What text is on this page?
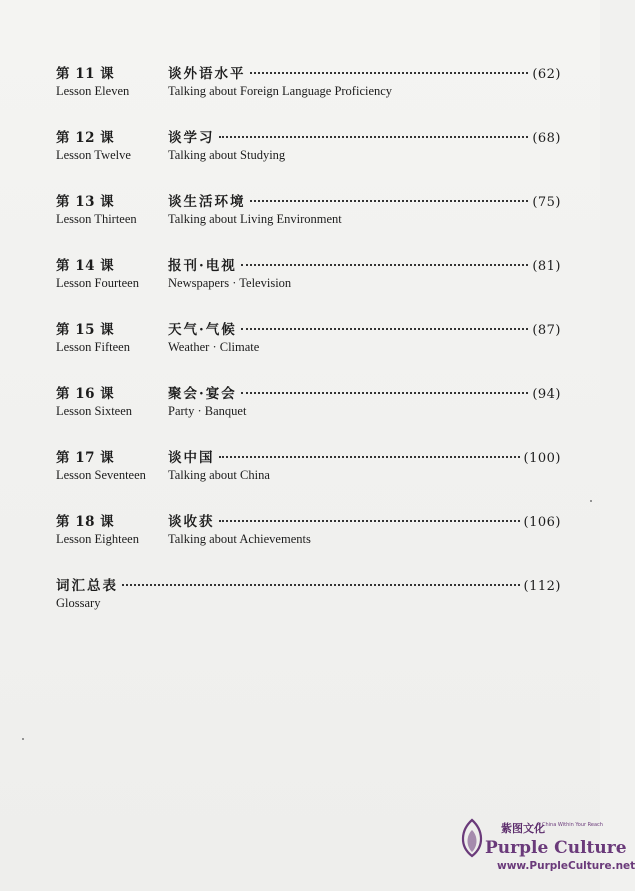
第 11 课	谈外语水平	(62)
Lesson Eleven	Talking about Foreign Language Proficiency
第 12 课	谈学习	(68)
Lesson Twelve	Talking about Studying
第 13 课	谈生活环境	(75)
Lesson Thirteen	Talking about Living Environment
第 14 课	报刊·电视	(81)
Lesson Fourteen	Newspapers · Television
第 15 课	天气·气候	(87)
Lesson Fifteen	Weather · Climate
第 16 课	聚会·宴会	(94)
Lesson Sixteen	Party · Banquet
第 17 课	谈中国	(100)
Lesson Seventeen	Talking about China
第 18 课	谈收获	(106)
Lesson Eighteen	Talking about Achievements
词汇总表	(112)
Glossary
紫图文化
A China Within Your Reach
Purple Culture
www.PurpleCulture.net
